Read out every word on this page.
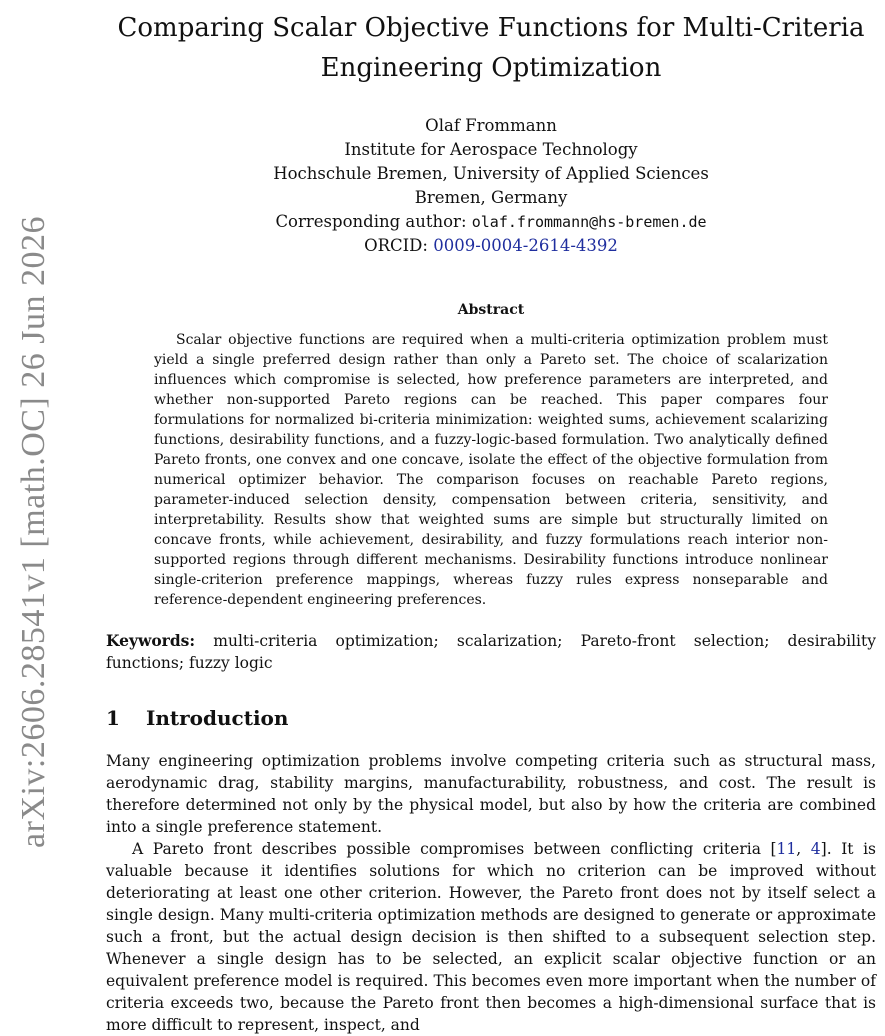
arXiv:2606.28541v1 [math.OC] 26 Jun 2026
Comparing Scalar Objective Functions for Multi-Criteria
Engineering Optimization
Olaf Frommann
Institute for Aerospace Technology
Hochschule Bremen, University of Applied Sciences
Bremen, Germany
Corresponding author: olaf.frommann@hs-bremen.de
ORCID: 0009-0004-2614-4392
Abstract
Scalar objective functions are required when a multi-criteria optimization problem must yield a single preferred design rather than only a Pareto set. The choice of scalarization influences which compromise is selected, how preference parameters are interpreted, and whether non-supported Pareto regions can be reached. This paper compares four formulations for normalized bi-criteria minimization: weighted sums, achievement scalarizing functions, desirability functions, and a fuzzy-logic-based formulation. Two analytically defined Pareto fronts, one convex and one concave, isolate the effect of the objective formulation from numerical optimizer behavior. The comparison focuses on reachable Pareto regions, parameter-induced selection density, compensation between criteria, sensitivity, and interpretability. Results show that weighted sums are simple but structurally limited on concave fronts, while achievement, desirability, and fuzzy formulations reach interior non-supported regions through different mechanisms. Desirability functions introduce nonlinear single-criterion preference mappings, whereas fuzzy rules express nonseparable and reference-dependent engineering preferences.
Keywords: multi-criteria optimization; scalarization; Pareto-front selection; desirability functions; fuzzy logic
1 Introduction

Many engineering optimization problems involve competing criteria such as structural mass, aerodynamic drag, stability margins, manufacturability, robustness, and cost. The result is therefore determined not only by the physical model, but also by how the criteria are combined into a single preference statement.

A Pareto front describes possible compromises between conflicting criteria [11, 4]. It is valuable because it identifies solutions for which no criterion can be improved without deteriorating at least one other criterion. However, the Pareto front does not by itself select a single design. Many multi-criteria optimization methods are designed to generate or approximate such a front, but the actual design decision is then shifted to a subsequent selection step. Whenever a single design has to be selected, an explicit scalar objective function or an equivalent preference model is required. This becomes even more important when the number of criteria exceeds two, because the Pareto front then becomes a high-dimensional surface that is more difficult to represent, inspect, and
